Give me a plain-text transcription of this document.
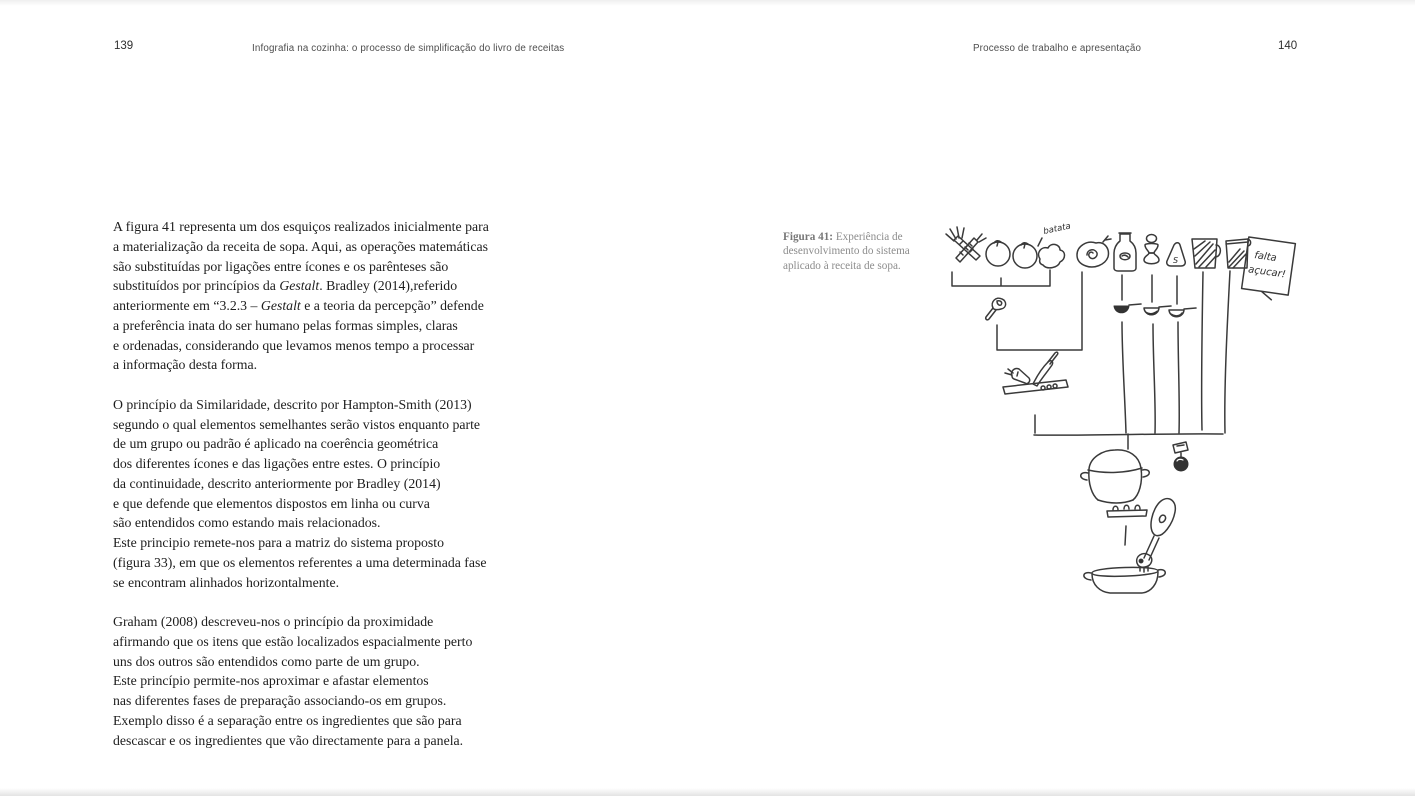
139	Infografia na cozinha: o processo de simplificação do livro de receitas	Processo de trabalho e apresentação	140
A figura 41 representa um dos esquiços realizados inicialmente para
a materialização da receita de sopa. Aqui, as operações matemáticas
são substituídas por ligações entre ícones e os parênteses são
substituídos por princípios da Gestalt. Bradley (2014),referido
anteriormente em “3.2.3 – Gestalt e a teoria da percepção” defende
a preferência inata do ser humano pelas formas simples, claras
e ordenadas, considerando que levamos menos tempo a processar
a informação desta forma.
O princípio da Similaridade, descrito por Hampton-Smith (2013)
segundo o qual elementos semelhantes serão vistos enquanto parte
de um grupo ou padrão é aplicado na coerência geométrica
dos diferentes ícones e das ligações entre estes. O princípio
da continuidade, descrito anteriormente por Bradley (2014)
e que defende que elementos dispostos em linha ou curva
são entendidos como estando mais relacionados.
Este principio remete-nos para a matriz do sistema proposto
(figura 33), em que os elementos referentes a uma determinada fase
se encontram alinhados horizontalmente.
Graham (2008) descreveu-nos o princípio da proximidade
afirmando que os itens que estão localizados espacialmente perto
uns dos outros são entendidos como parte de um grupo.
Este princípio permite-nos aproximar e afastar elementos
nas diferentes fases de preparação associando-os em grupos.
Exemplo disso é a separação entre os ingredientes que são para
descascar e os ingredientes que vão directamente para a panela.

Figura 41: Experiência de desenvolvimento do sistema aplicado à receita de sopa.

batata
S	falta
açucar!
